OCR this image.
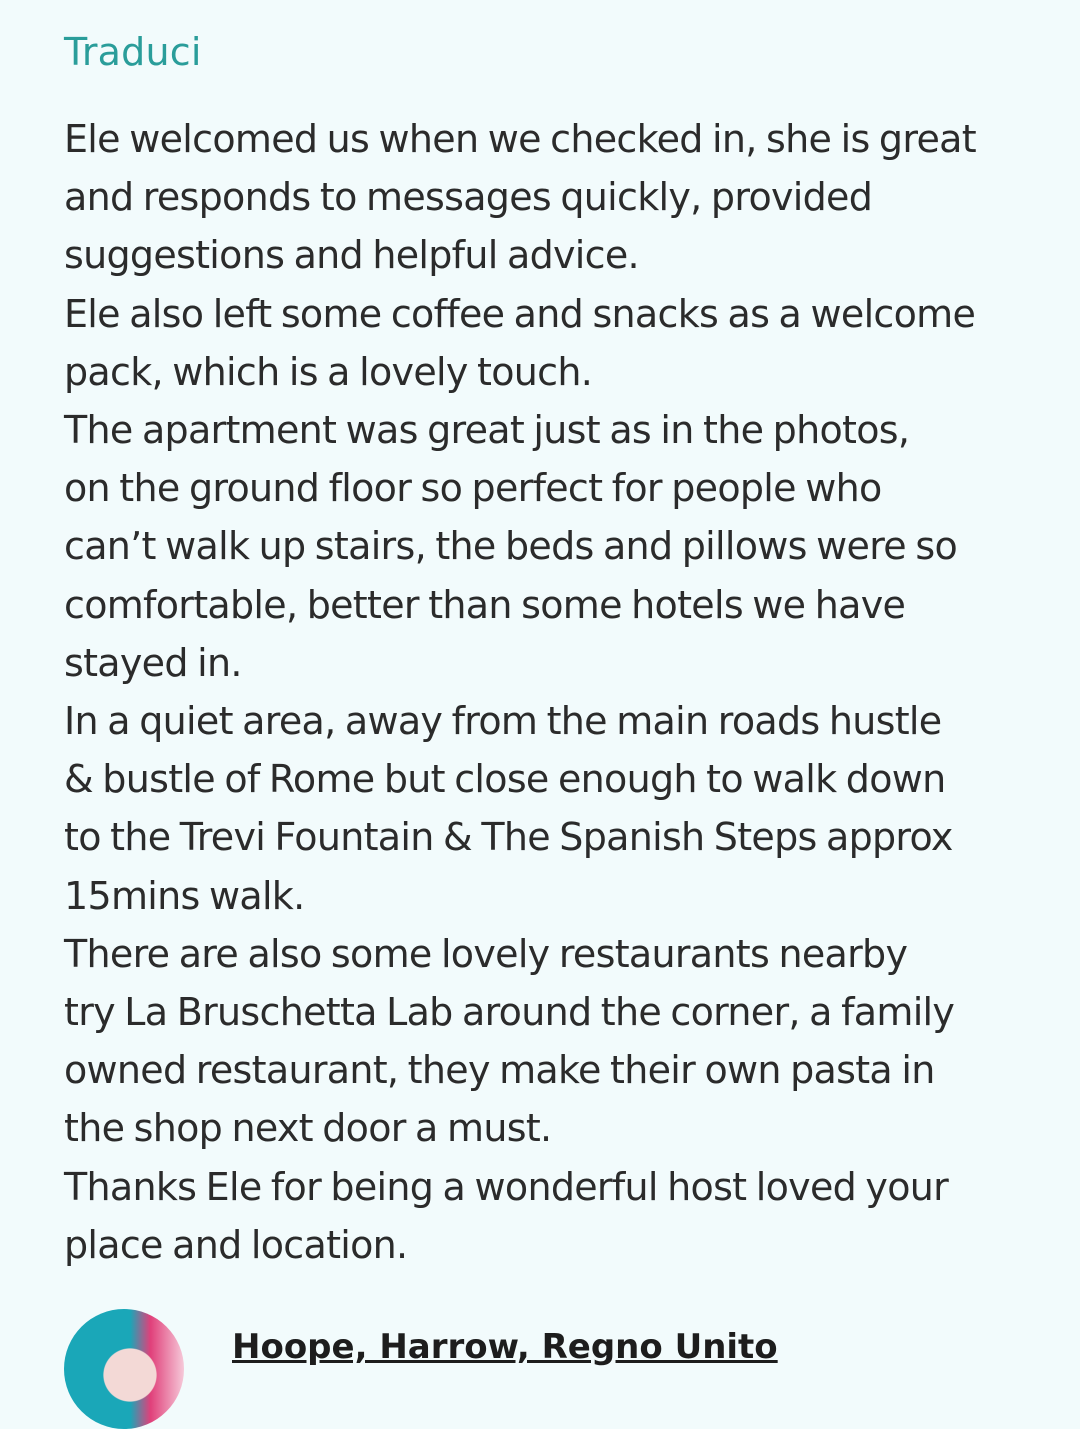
Traduci
Ele welcomed us when we checked in, she is great
and responds to messages quickly, provided
suggestions and helpful advice.
Ele also left some coffee and snacks as a welcome
pack, which is a lovely touch.
The apartment was great just as in the photos,
on the ground floor so perfect for people who
can’t walk up stairs, the beds and pillows were so
comfortable, better than some hotels we have
stayed in.
In a quiet area, away from the main roads hustle
& bustle of Rome but close enough to walk down
to the Trevi Fountain & The Spanish Steps approx
15mins walk.
There are also some lovely restaurants nearby
try La Bruschetta Lab around the corner, a family
owned restaurant, they make their own pasta in
the shop next door a must.
Thanks Ele for being a wonderful host loved your
place and location.
Hoope, Harrow, Regno Unito
